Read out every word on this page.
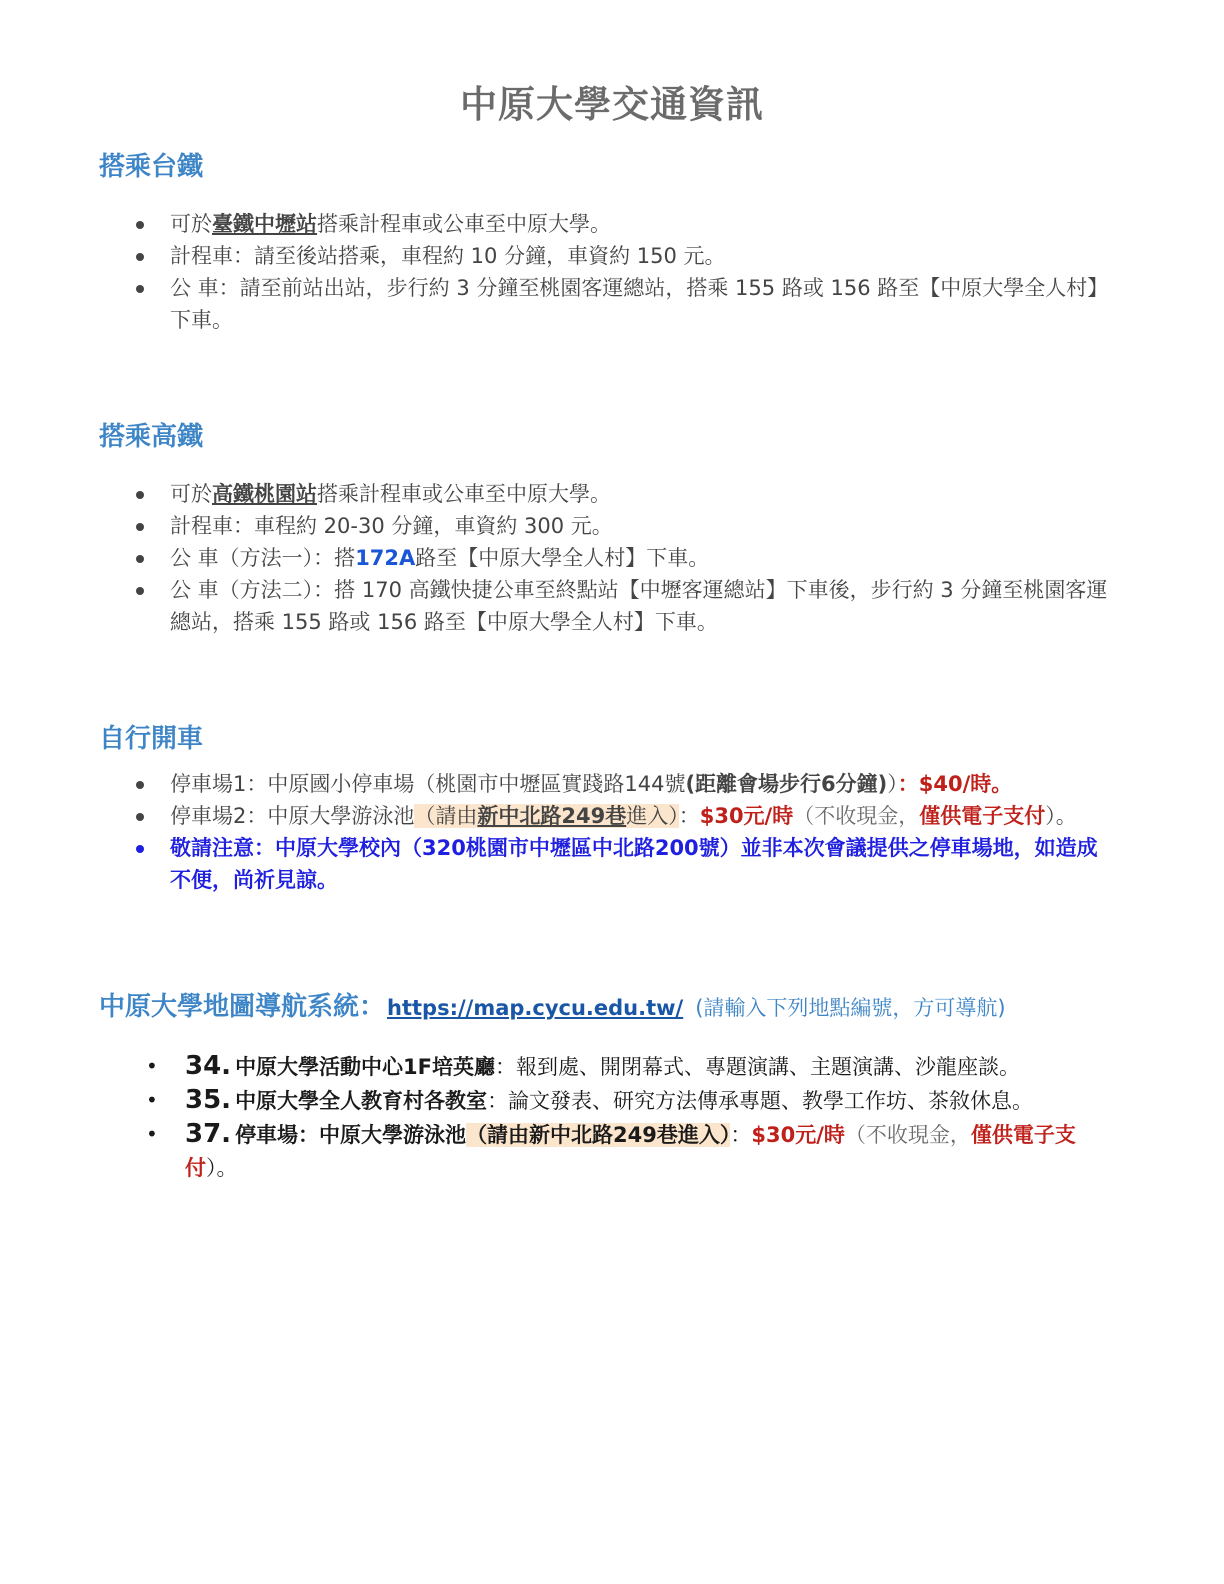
中原大學交通資訊
搭乘台鐵
可於臺鐵中壢站搭乘計程車或公車至中原大學。
計程車：請至後站搭乘，車程約 10 分鐘，車資約 150 元。
公 車：請至前站出站，步行約 3 分鐘至桃園客運總站，搭乘 155 路或 156 路至【中原大學全人村】下車。
搭乘高鐵
可於高鐵桃園站搭乘計程車或公車至中原大學。
計程車：車程約 20-30 分鐘，車資約 300 元。
公 車（方法一）：搭172A路至【中原大學全人村】下車。
公 車（方法二）：搭 170 高鐵快捷公車至終點站【中壢客運總站】下車後，步行約 3 分鐘至桃園客運總站，搭乘 155 路或 156 路至【中原大學全人村】下車。
自行開車
停車場1：中原國小停車場（桃園市中壢區實踐路144號(距離會場步行6分鐘)）：$40/時。
停車場2：中原大學游泳池（請由新中北路249巷進入）：$30元/時（不收現金，僅供電子支付）。
敬請注意：中原大學校內（320桃園市中壢區中北路200號）並非本次會議提供之停車場地，如造成不便，尚祈見諒。
中原大學地圖導航系統：https://map.cycu.edu.tw/ (請輸入下列地點編號，方可導航)
• 34. 中原大學活動中心1F培英廳：報到處、開閉幕式、專題演講、主題演講、沙龍座談。
• 35. 中原大學全人教育村各教室：論文發表、研究方法傳承專題、教學工作坊、茶敘休息。
• 37. 停車場：中原大學游泳池（請由新中北路249巷進入）：$30元/時（不收現金，僅供電子支付）。
